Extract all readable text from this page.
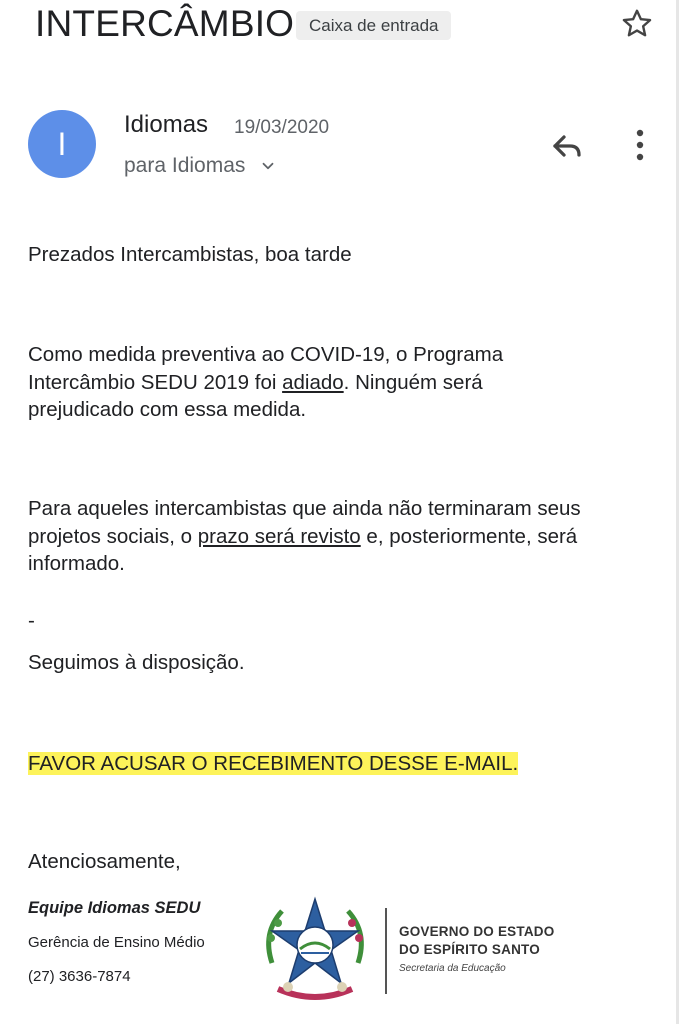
INTERCÂMBIO Caixa de entrada
I
Idiomas 19/03/2020
para Idiomas
Prezados Intercambistas, boa tarde
Como medida preventiva ao COVID-19, o Programa Intercâmbio SEDU 2019 foi adiado. Ninguém será prejudicado com essa medida.
Para aqueles intercambistas que ainda não terminaram seus projetos sociais, o prazo será revisto e, posteriormente, será informado.
-
Seguimos à disposição.
FAVOR ACUSAR O RECEBIMENTO DESSE E-MAIL.
Atenciosamente,
Equipe Idiomas SEDU
Gerência de Ensino Médio
(27) 3636-7874
GOVERNO DO ESTADO
DO ESPÍRITO SANTO
Secretaria da Educação
